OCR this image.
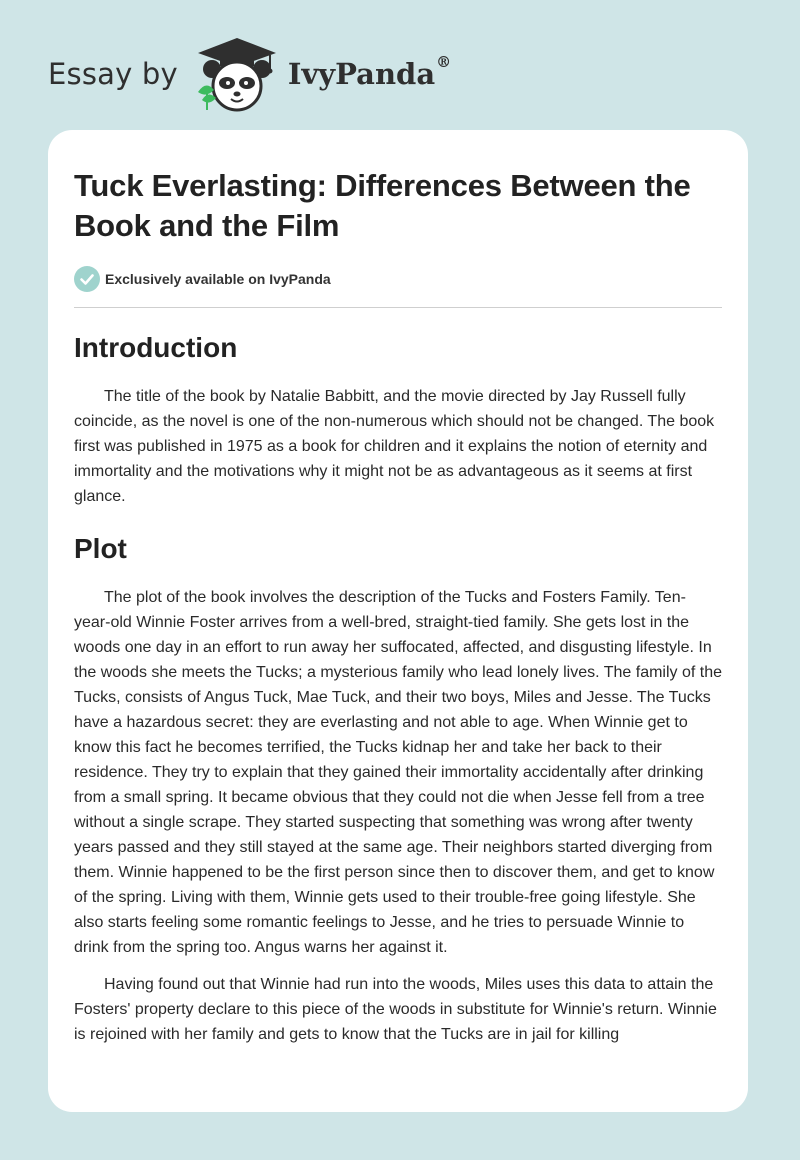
Essay by	IvyPanda®
Tuck Everlasting: Differences Between the Book and the Film
Exclusively available on IvyPanda
Introduction

The title of the book by Natalie Babbitt, and the movie directed by Jay Russell fully coincide, as the novel is one of the non-numerous which should not be changed. The book first was published in 1975 as a book for children and it explains the notion of eternity and immortality and the motivations why it might not be as advantageous as it seems at first glance.

Plot

The plot of the book involves the description of the Tucks and Fosters Family. Ten-year-old Winnie Foster arrives from a well-bred, straight-tied family. She gets lost in the woods one day in an effort to run away her suffocated, affected, and disgusting lifestyle. In the woods she meets the Tucks; a mysterious family who lead lonely lives. The family of the Tucks, consists of Angus Tuck, Mae Tuck, and their two boys, Miles and Jesse. The Tucks have a hazardous secret: they are everlasting and not able to age. When Winnie get to know this fact he becomes terrified, the Tucks kidnap her and take her back to their residence. They try to explain that they gained their immortality accidentally after drinking from a small spring. It became obvious that they could not die when Jesse fell from a tree without a single scrape. They started suspecting that something was wrong after twenty years passed and they still stayed at the same age. Their neighbors started diverging from them. Winnie happened to be the first person since then to discover them, and get to know of the spring. Living with them, Winnie gets used to their trouble-free going lifestyle. She also starts feeling some romantic feelings to Jesse, and he tries to persuade Winnie to drink from the spring too. Angus warns her against it.

Having found out that Winnie had run into the woods, Miles uses this data to attain the Fosters' property declare to this piece of the woods in substitute for Winnie's return. Winnie is rejoined with her family and gets to know that the Tucks are in jail for killing
